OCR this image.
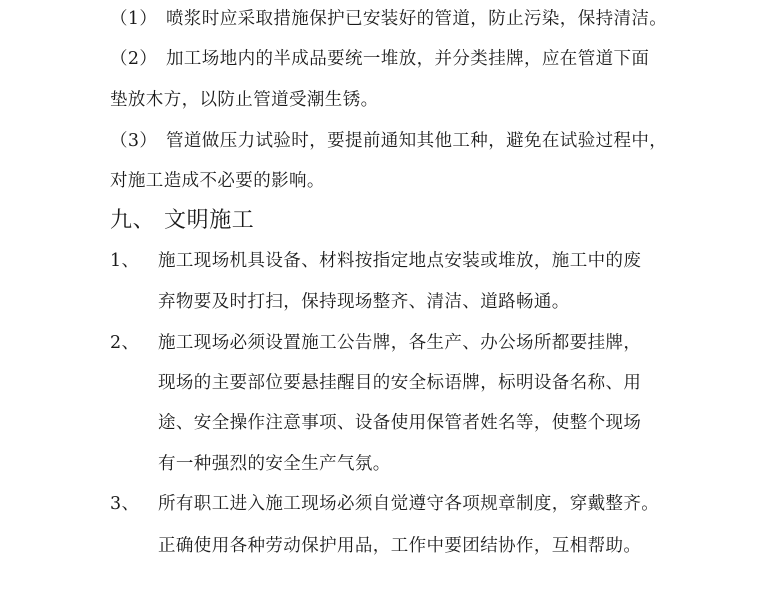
（1） 喷浆时应采取措施保护已安装好的管道，防止污染，保持清洁。
（2） 加工场地内的半成品要统一堆放，并分类挂牌，应在管道下面
垫放木方，以防止管道受潮生锈。
（3） 管道做压力试验时，要提前通知其他工种，避免在试验过程中，
对施工造成不必要的影响。
九、 文明施工
1、 施工现场机具设备、材料按指定地点安装或堆放，施工中的废
弃物要及时打扫，保持现场整齐、清洁、道路畅通。
2、 施工现场必须设置施工公告牌，各生产、办公场所都要挂牌，
现场的主要部位要悬挂醒目的安全标语牌，标明设备名称、用
途、安全操作注意事项、设备使用保管者姓名等，使整个现场
有一种强烈的安全生产气氛。
3、 所有职工进入施工现场必须自觉遵守各项规章制度，穿戴整齐。
正确使用各种劳动保护用品，工作中要团结协作，互相帮助。
